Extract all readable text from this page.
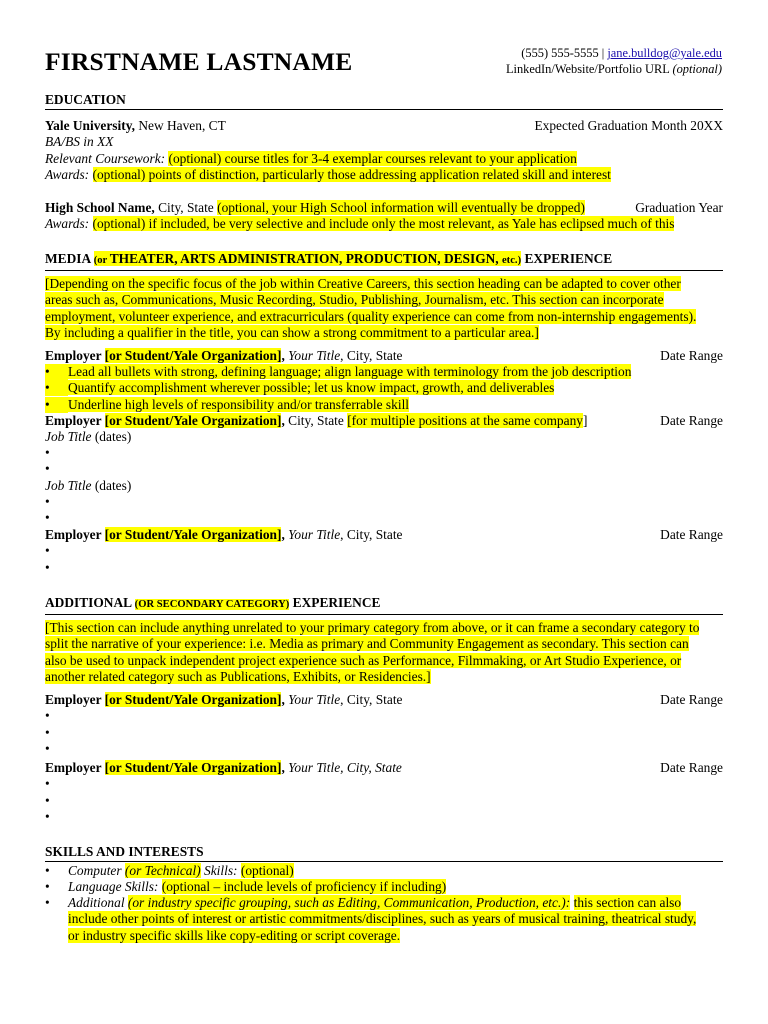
FIRSTNAME LASTNAME	(555) 555-5555 | jane.bulldog@yale.edu
LinkedIn/Website/Portfolio URL (optional)
EDUCATION
Yale University, New Haven, CT	Expected Graduation Month 20XX
BA/BS in XX
Relevant Coursework: (optional) course titles for 3-4 exemplar courses relevant to your application
Awards: (optional) points of distinction, particularly those addressing application related skill and interest
High School Name, City, State (optional, your High School information will eventually be dropped)	Graduation Year
Awards: (optional) if included, be very selective and include only the most relevant, as Yale has eclipsed much of this
MEDIA (or THEATER, ARTS ADMINISTRATION, PRODUCTION, DESIGN, etc.) EXPERIENCE
[Depending on the specific focus of the job within Creative Careers, this section heading can be adapted to cover other
areas such as, Communications, Music Recording, Studio, Publishing, Journalism, etc. This section can incorporate
employment, volunteer experience, and extracurriculars (quality experience can come from non-internship engagements).
By including a qualifier in the title, you can show a strong commitment to a particular area.]
Employer [or Student/Yale Organization], Your Title, City, State	Date Range
• Lead all bullets with strong, defining language; align language with terminology from the job description
• Quantify accomplishment wherever possible; let us know impact, growth, and deliverables
• Underline high levels of responsibility and/or transferrable skill
Employer [or Student/Yale Organization], City, State [for multiple positions at the same company]	Date Range
Job Title (dates)
•
•
Job Title (dates)
•
•
Employer [or Student/Yale Organization], Your Title, City, State	Date Range
•
•
ADDITIONAL (OR SECONDARY CATEGORY) EXPERIENCE
[This section can include anything unrelated to your primary category from above, or it can frame a secondary category to
split the narrative of your experience: i.e. Media as primary and Community Engagement as secondary. This section can
also be used to unpack independent project experience such as Performance, Filmmaking, or Art Studio Experience, or
another related category such as Publications, Exhibits, or Residencies.]
Employer [or Student/Yale Organization], Your Title, City, State	Date Range
•
•
•
Employer [or Student/Yale Organization], Your Title, City, State	Date Range
•
•
•
SKILLS AND INTERESTS
• Computer (or Technical) Skills: (optional)
• Language Skills: (optional – include levels of proficiency if including)
• Additional (or industry specific grouping, such as Editing, Communication, Production, etc.): this section can also
include other points of interest or artistic commitments/disciplines, such as years of musical training, theatrical study,
or industry specific skills like copy-editing or script coverage.
